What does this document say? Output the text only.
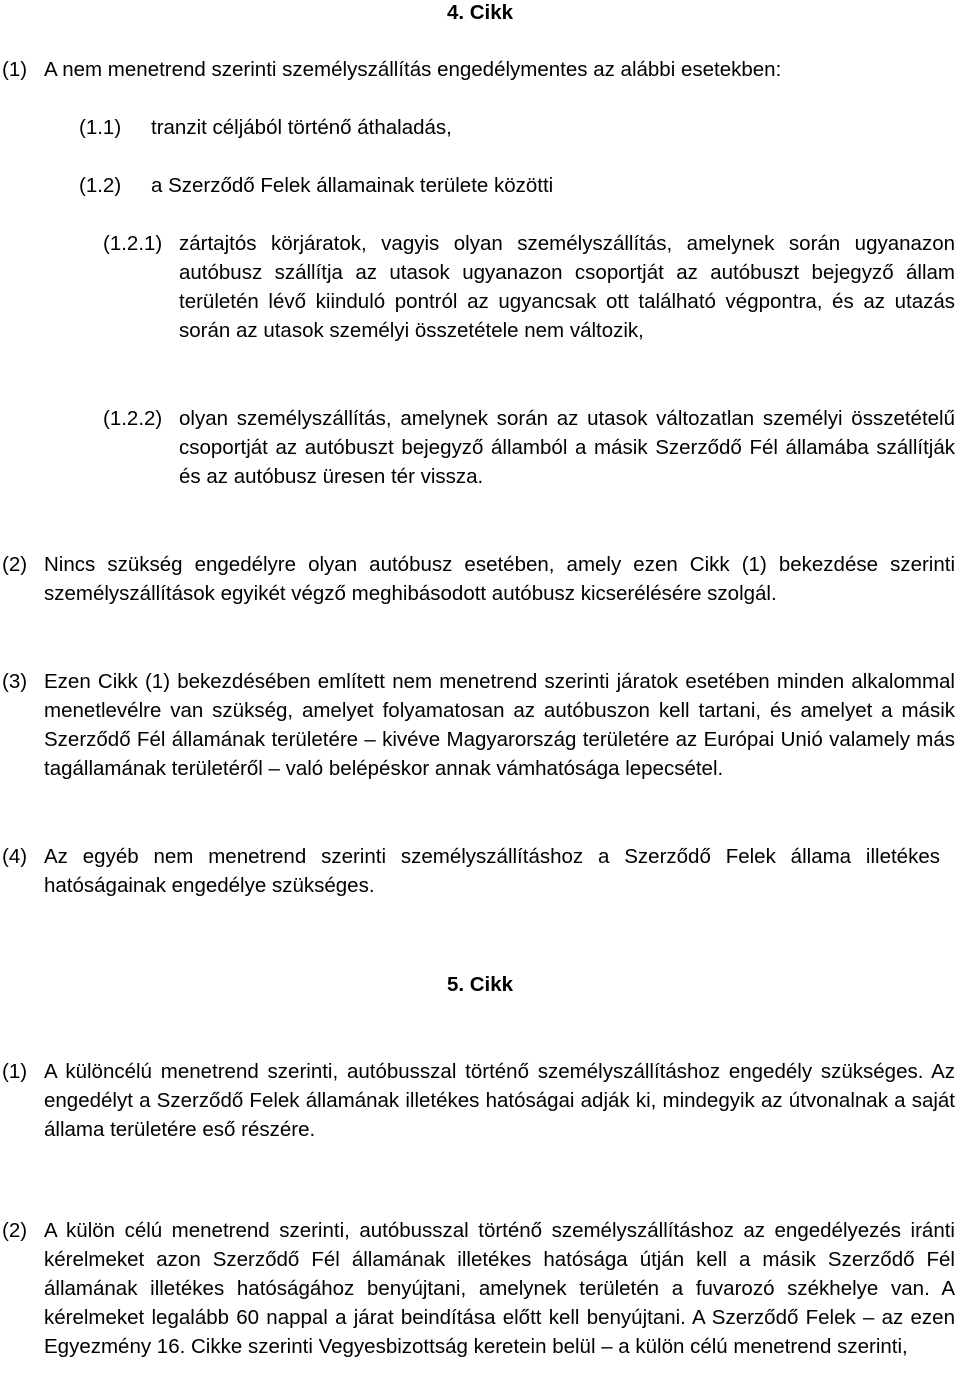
4. Cikk
(1) A nem menetrend szerinti személyszállítás engedélymentes az alábbi esetekben:
(1.1) tranzit céljából történő áthaladás,
(1.2) a Szerződő Felek államainak területe közötti
(1.2.1) zártajtós körjáratok, vagyis olyan személyszállítás, amelynek során ugyanazon autóbusz szállítja az utasok ugyanazon csoportját az autóbuszt bejegyző állam területén lévő kiinduló pontról az ugyancsak ott található végpontra, és az utazás során az utasok személyi összetétele nem változik,
(1.2.2) olyan személyszállítás, amelynek során az utasok változatlan személyi összetételű csoportját az autóbuszt bejegyző államból a másik Szerződő Fél államába szállítják és az autóbusz üresen tér vissza.
(2) Nincs szükség engedélyre olyan autóbusz esetében, amely ezen Cikk (1) bekezdése szerinti személyszállítások egyikét végző meghibásodott autóbusz kicserélésére szolgál.
(3) Ezen Cikk (1) bekezdésében említett nem menetrend szerinti járatok esetében minden alkalommal menetlevélre van szükség, amelyet folyamatosan az autóbuszon kell tartani, és amelyet a másik Szerződő Fél államának területére – kivéve Magyarország területére az Európai Unió valamely más tagállamának területéről – való belépéskor annak vámhatósága lepecsétel.
(4) Az egyéb nem menetrend szerinti személyszállításhoz a Szerződő Felek állama illetékes hatóságainak engedélye szükséges.
5. Cikk
(1) A különcélú menetrend szerinti, autóbusszal történő személyszállításhoz engedély szükséges. Az engedélyt a Szerződő Felek államának illetékes hatóságai adják ki, mindegyik az útvonalnak a saját állama területére eső részére.
(2) A külön célú menetrend szerinti, autóbusszal történő személyszállításhoz az engedélyezés iránti kérelmeket azon Szerződő Fél államának illetékes hatósága útján kell a másik Szerződő Fél államának illetékes hatóságához benyújtani, amelynek területén a fuvarozó székhelye van. A kérelmeket legalább 60 nappal a járat beindítása előtt kell benyújtani. A Szerződő Felek – az ezen Egyezmény 16. Cikke szerinti Vegyesbizottság keretein belül – a külön célú menetrend szerinti,
